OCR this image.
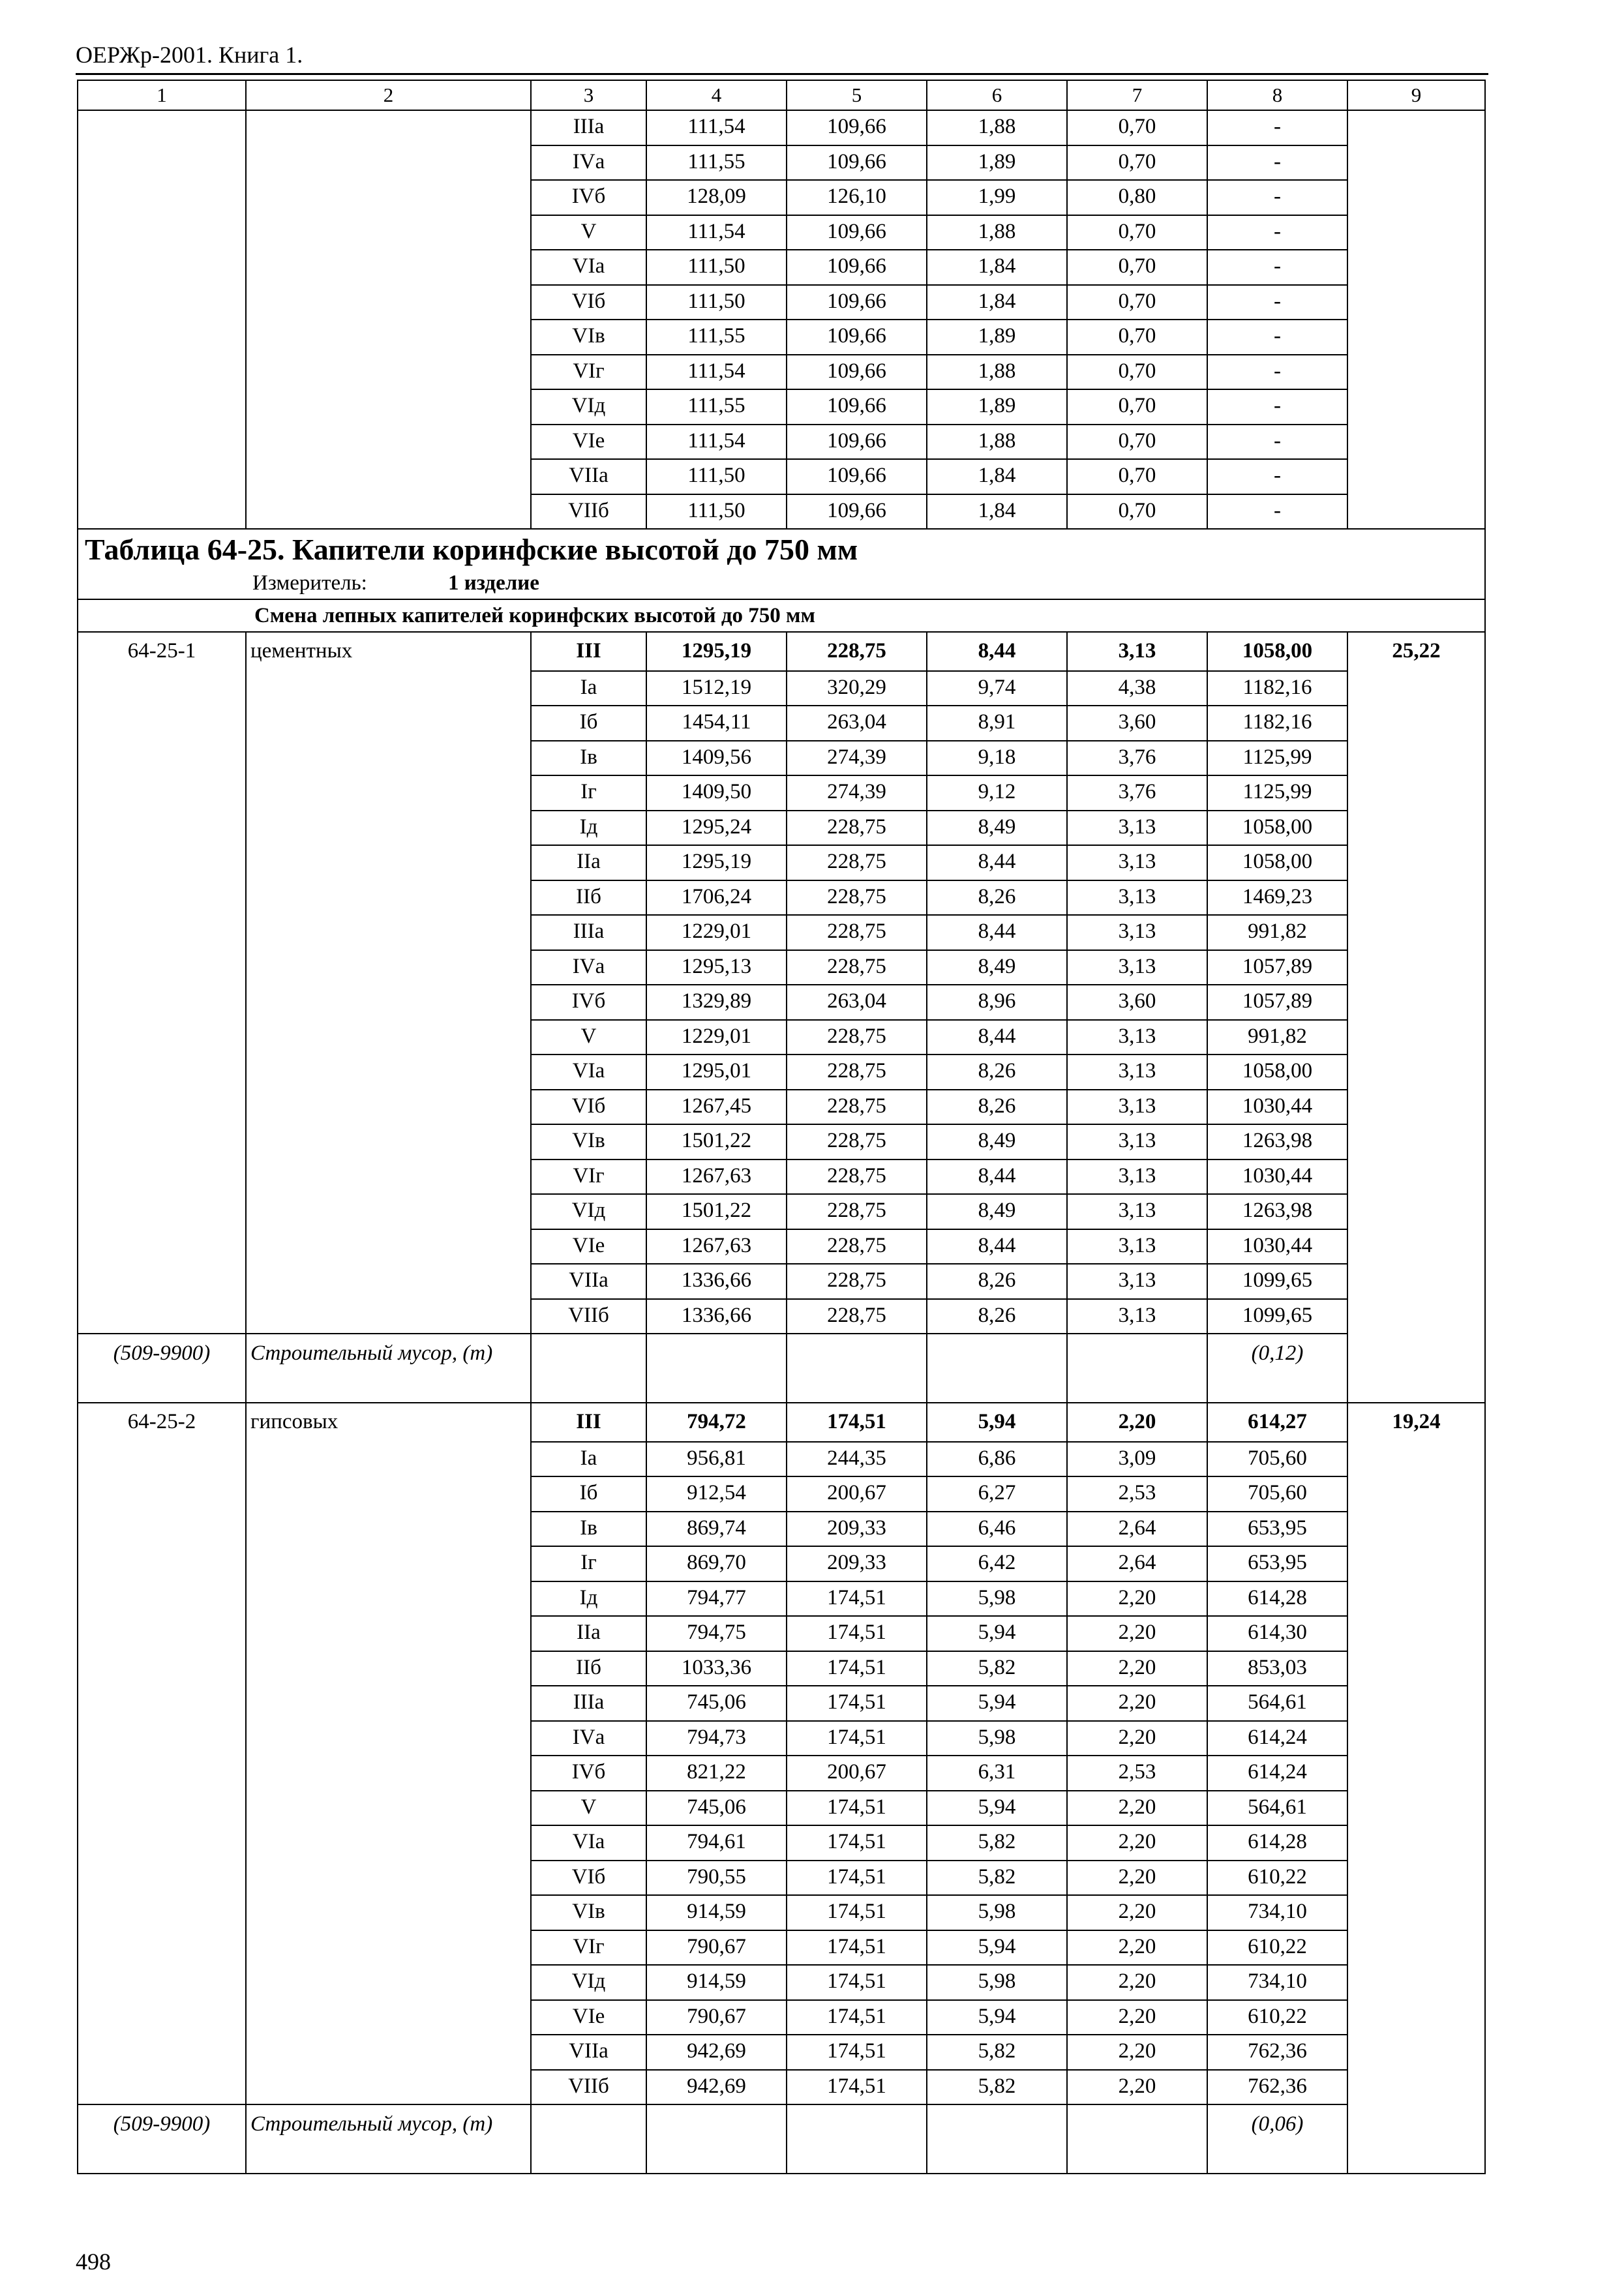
ОЕРЖр-2001. Книга 1.
1	2	3	4	5	6	7	8	9
		IIIа	111,54	109,66	1,88	0,70	-	
		IVа	111,55	109,66	1,89	0,70	-	
		IVб	128,09	126,10	1,99	0,80	-	
		V	111,54	109,66	1,88	0,70	-	
		VIа	111,50	109,66	1,84	0,70	-	
		VIб	111,50	109,66	1,84	0,70	-	
		VIв	111,55	109,66	1,89	0,70	-	
		VIг	111,54	109,66	1,88	0,70	-	
		VIд	111,55	109,66	1,89	0,70	-	
		VIе	111,54	109,66	1,88	0,70	-	
		VIIа	111,50	109,66	1,84	0,70	-	
		VIIб	111,50	109,66	1,84	0,70	-	
Таблица 64-25. Капители коринфские высотой до 750 мм								
Измеритель: 1 изделие								
Смена лепных капителей коринфских высотой до 750 мм								
64-25-1	цементных	III	1295,19	228,75	8,44	3,13	1058,00	25,22
		Iа	1512,19	320,29	9,74	4,38	1182,16	
		Iб	1454,11	263,04	8,91	3,60	1182,16	
		Iв	1409,56	274,39	9,18	3,76	1125,99	
		Iг	1409,50	274,39	9,12	3,76	1125,99	
		Iд	1295,24	228,75	8,49	3,13	1058,00	
		IIа	1295,19	228,75	8,44	3,13	1058,00	
		IIб	1706,24	228,75	8,26	3,13	1469,23	
		IIIа	1229,01	228,75	8,44	3,13	991,82	
		IVа	1295,13	228,75	8,49	3,13	1057,89	
		IVб	1329,89	263,04	8,96	3,60	1057,89	
		V	1229,01	228,75	8,44	3,13	991,82	
		VIа	1295,01	228,75	8,26	3,13	1058,00	
		VIб	1267,45	228,75	8,26	3,13	1030,44	
		VIв	1501,22	228,75	8,49	3,13	1263,98	
		VIг	1267,63	228,75	8,44	3,13	1030,44	
		VIд	1501,22	228,75	8,49	3,13	1263,98	
		VIе	1267,63	228,75	8,44	3,13	1030,44	
		VIIа	1336,66	228,75	8,26	3,13	1099,65	
		VIIб	1336,66	228,75	8,26	3,13	1099,65	
(509-9900)	Строительный мусор, (т)						(0,12)	
64-25-2	гипсовых	III	794,72	174,51	5,94	2,20	614,27	19,24
		Iа	956,81	244,35	6,86	3,09	705,60	
		Iб	912,54	200,67	6,27	2,53	705,60	
		Iв	869,74	209,33	6,46	2,64	653,95	
		Iг	869,70	209,33	6,42	2,64	653,95	
		Iд	794,77	174,51	5,98	2,20	614,28	
		IIа	794,75	174,51	5,94	2,20	614,30	
		IIб	1033,36	174,51	5,82	2,20	853,03	
		IIIа	745,06	174,51	5,94	2,20	564,61	
		IVа	794,73	174,51	5,98	2,20	614,24	
		IVб	821,22	200,67	6,31	2,53	614,24	
		V	745,06	174,51	5,94	2,20	564,61	
		VIа	794,61	174,51	5,82	2,20	614,28	
		VIб	790,55	174,51	5,82	2,20	610,22	
		VIв	914,59	174,51	5,98	2,20	734,10	
		VIг	790,67	174,51	5,94	2,20	610,22	
		VIд	914,59	174,51	5,98	2,20	734,10	
		VIе	790,67	174,51	5,94	2,20	610,22	
		VIIа	942,69	174,51	5,82	2,20	762,36	
		VIIб	942,69	174,51	5,82	2,20	762,36	
(509-9900)	Строительный мусор, (т)						(0,06)	
498
